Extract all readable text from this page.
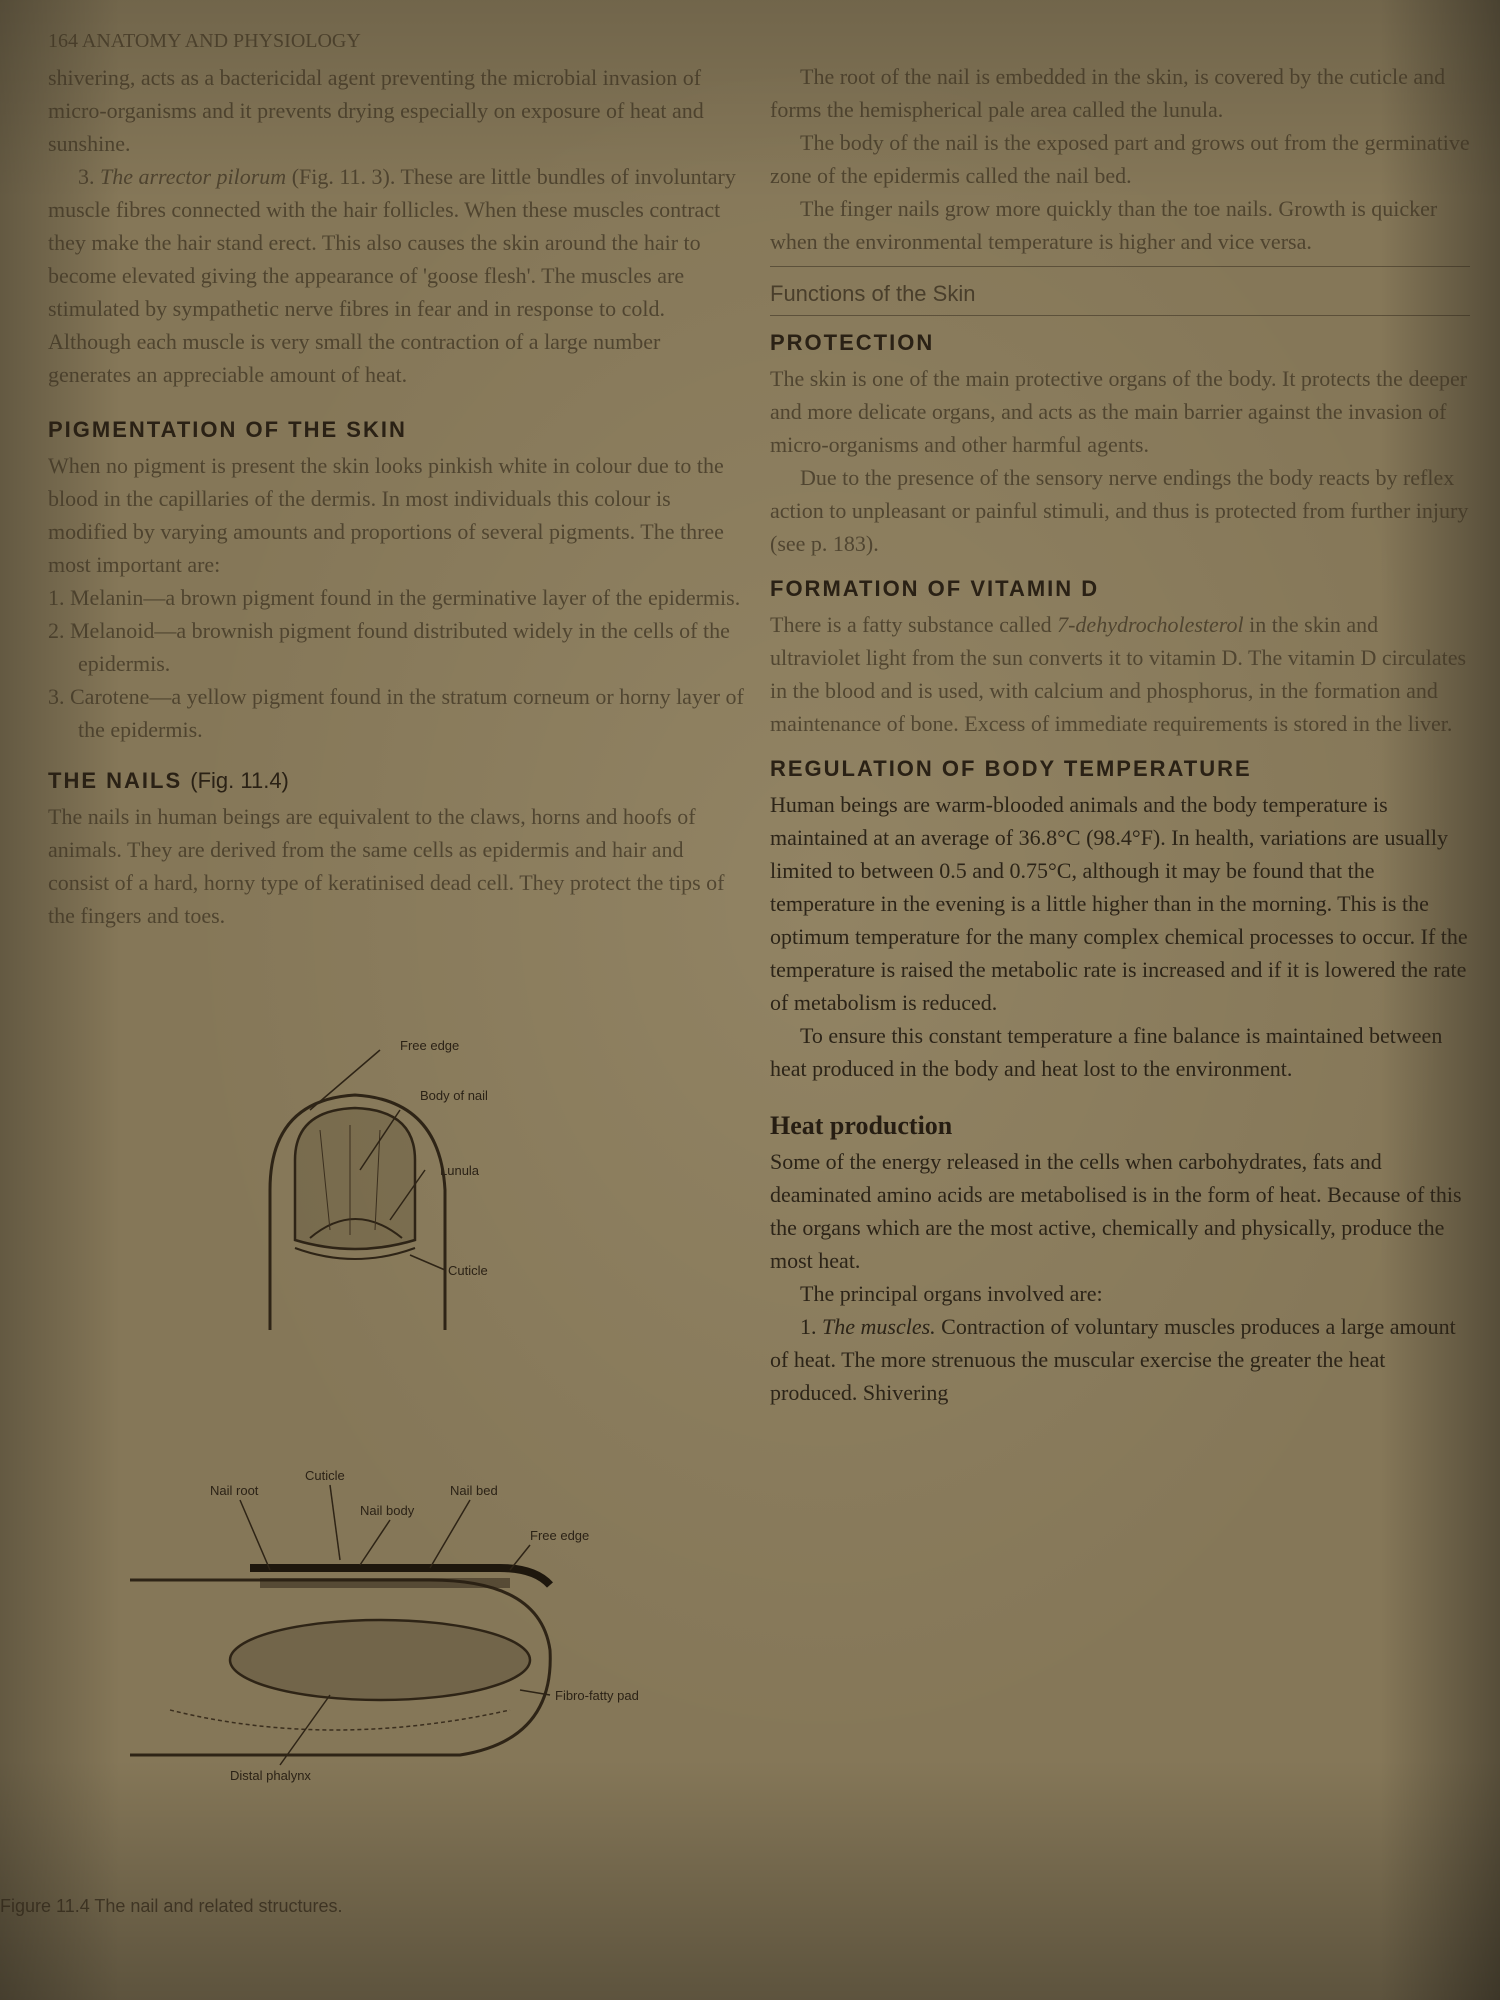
164 ANATOMY AND PHYSIOLOGY

shivering, acts as a bactericidal agent preventing the microbial invasion of micro-organisms and it prevents drying especially on exposure of heat and sunshine.

3. The arrector pilorum (Fig. 11. 3). These are little bundles of involuntary muscle fibres connected with the hair follicles. When these muscles contract they make the hair stand erect. This also causes the skin around the hair to become elevated giving the appearance of 'goose flesh'. The muscles are stimulated by sympathetic nerve fibres in fear and in response to cold. Although each muscle is very small the contraction of a large number generates an appreciable amount of heat.

PIGMENTATION OF THE SKIN

When no pigment is present the skin looks pinkish white in colour due to the blood in the capillaries of the dermis. In most individuals this colour is modified by varying amounts and proportions of several pigments. The three most important are:

1. Melanin—a brown pigment found in the germinative layer of the epidermis.

2. Melanoid—a brownish pigment found distributed widely in the cells of the epidermis.

3. Carotene—a yellow pigment found in the stratum corneum or horny layer of the epidermis.

THE NAILS (Fig. 11.4)

The nails in human beings are equivalent to the claws, horns and hoofs of animals. They are derived from the same cells as epidermis and hair and consist of a hard, horny type of keratinised dead cell. They protect the tips of the fingers and toes.

Free edge
Body of nail
Lunula
Cuticle
Cuticle
Nail root
Nail body
Nail bed
Free edge
Fibro-fatty pad
Distal phalynx
Figure 11.4 The nail and related structures.

The root of the nail is embedded in the skin, is covered by the cuticle and forms the hemispherical pale area called the lunula.

The body of the nail is the exposed part and grows out from the germinative zone of the epidermis called the nail bed.

The finger nails grow more quickly than the toe nails. Growth is quicker when the environmental temperature is higher and vice versa.

Functions of the Skin
PROTECTION

The skin is one of the main protective organs of the body. It protects the deeper and more delicate organs, and acts as the main barrier against the invasion of micro-organisms and other harmful agents.

Due to the presence of the sensory nerve endings the body reacts by reflex action to unpleasant or painful stimuli, and thus is protected from further injury (see p. 183).

FORMATION OF VITAMIN D

There is a fatty substance called 7-dehydrocholesterol in the skin and ultraviolet light from the sun converts it to vitamin D. The vitamin D circulates in the blood and is used, with calcium and phosphorus, in the formation and maintenance of bone. Excess of immediate requirements is stored in the liver.

REGULATION OF BODY TEMPERATURE

Human beings are warm-blooded animals and the body temperature is maintained at an average of 36.8°C (98.4°F). In health, variations are usually limited to between 0.5 and 0.75°C, although it may be found that the temperature in the evening is a little higher than in the morning. This is the optimum temperature for the many complex chemical processes to occur. If the temperature is raised the metabolic rate is increased and if it is lowered the rate of metabolism is reduced.

To ensure this constant temperature a fine balance is maintained between heat produced in the body and heat lost to the environment.

Heat production

Some of the energy released in the cells when carbohydrates, fats and deaminated amino acids are metabolised is in the form of heat. Because of this the organs which are the most active, chemically and physically, produce the most heat.

The principal organs involved are:

1. The muscles. Contraction of voluntary muscles produces a large amount of heat. The more strenuous the muscular exercise the greater the heat produced. Shivering
